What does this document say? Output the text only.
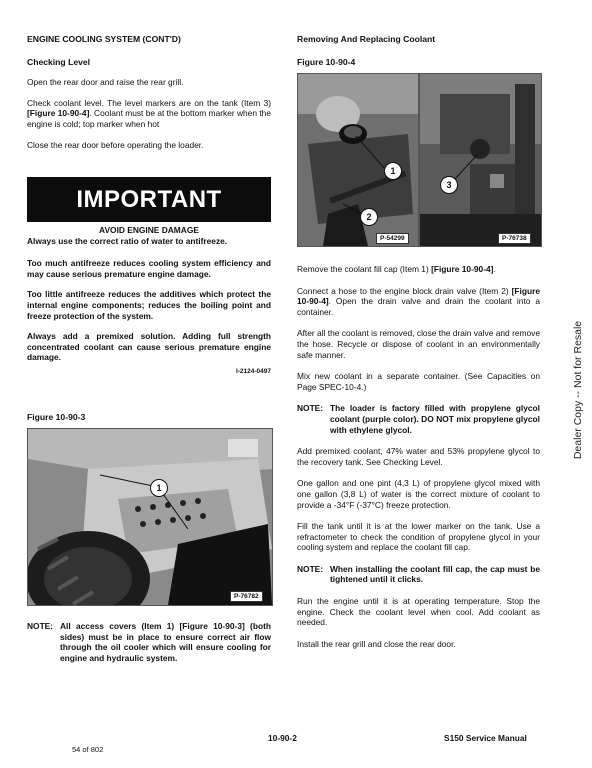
ENGINE COOLING SYSTEM (CONT'D)

Checking Level

Open the rear door and raise the rear grill.

Check coolant level. The level markers are on the tank (Item 3) [Figure 10-90-4]. Coolant must be at the bottom marker when the engine is cold; top marker when hot

Close the rear door before operating the loader.

IMPORTANT

AVOID ENGINE DAMAGE

Always use the correct ratio of water to antifreeze.

Too much antifreeze reduces cooling system efficiency and may cause serious premature engine damage.

Too little antifreeze reduces the additives which protect the internal engine components; reduces the boiling point and freeze protection of the system.

Always add a premixed solution. Adding full strength concentrated coolant can cause serious premature engine damage.

I-2124-0497

Figure 10-90-3

1
P-76782
NOTE: All access covers (Item 1) [Figure 10-90-3] (both sides) must be in place to ensure correct air flow through the oil cooler which will ensure cooling for engine and hydraulic system.

Removing And Replacing Coolant

Figure 10-90-4

1
2
P-54299
3
P-76738

Remove the coolant fill cap (Item 1) [Figure 10-90-4].

Connect a hose to the engine block drain valve (Item 2) [Figure 10-90-4]. Open the drain valve and drain the coolant into a container.

After all the coolant is removed, close the drain valve and remove the hose. Recycle or dispose of coolant in an environmentally safe manner.

Mix new coolant in a separate container. (See Capacities on Page SPEC-10-4.)

NOTE: The loader is factory filled with propylene glycol coolant (purple color). DO NOT mix propylene glycol with ethylene glycol.

Add premixed coolant, 47% water and 53% propylene glycol to the recovery tank. See Checking Level.

One gallon and one pint (4,3 L) of propylene glycol mixed with one gallon (3,8 L) of water is the correct mixture of coolant to provide a -34°F (-37°C) freeze protection.

Fill the tank until it is at the lower marker on the tank. Use a refractometer to check the condition of propylene glycol in your cooling system and replace the coolant fill cap.

NOTE: When installing the coolant fill cap, the cap must be tightened until it clicks.

Run the engine until it is at operating temperature. Stop the engine. Check the coolant level when cool. Add coolant as needed.

Install the rear grill and close the rear door.

Dealer Copy -- Not for Resale
10-90-2	S150 Service Manual
54 of 802
